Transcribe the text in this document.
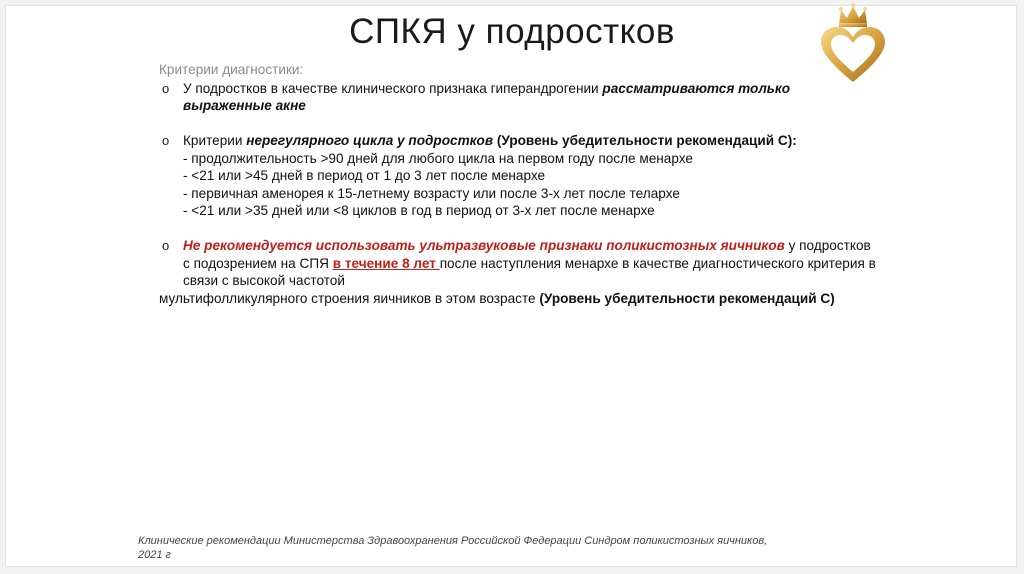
СПКЯ у подростков
Критерии диагностики:
o У подростков в качестве клинического признака гиперандрогении рассматриваются только выраженные акне
o Критерии нерегулярного цикла у подростков (Уровень убедительности рекомендаций С):
- продолжительность >90 дней для любого цикла на первом году после менархе
- <21 или >45 дней в период от 1 до 3 лет после менархе
- первичная аменорея к 15-летнему возрасту или после 3-х лет после телархе
- <21 или >35 дней или <8 циклов в год в период от 3-х лет после менархе
o Не рекомендуется использовать ультразвуковые признаки поликистозных яичников у подростков с подозрением на СПЯ в течение 8 лет после наступления менархе в качестве диагностического критерия в связи с высокой частотой
мультифолликулярного строения яичников в этом возрасте (Уровень убедительности рекомендаций С)
Клинические рекомендации Министерства Здравоохранения Российской Федерации Синдром поликистозных яичников, 2021 г
